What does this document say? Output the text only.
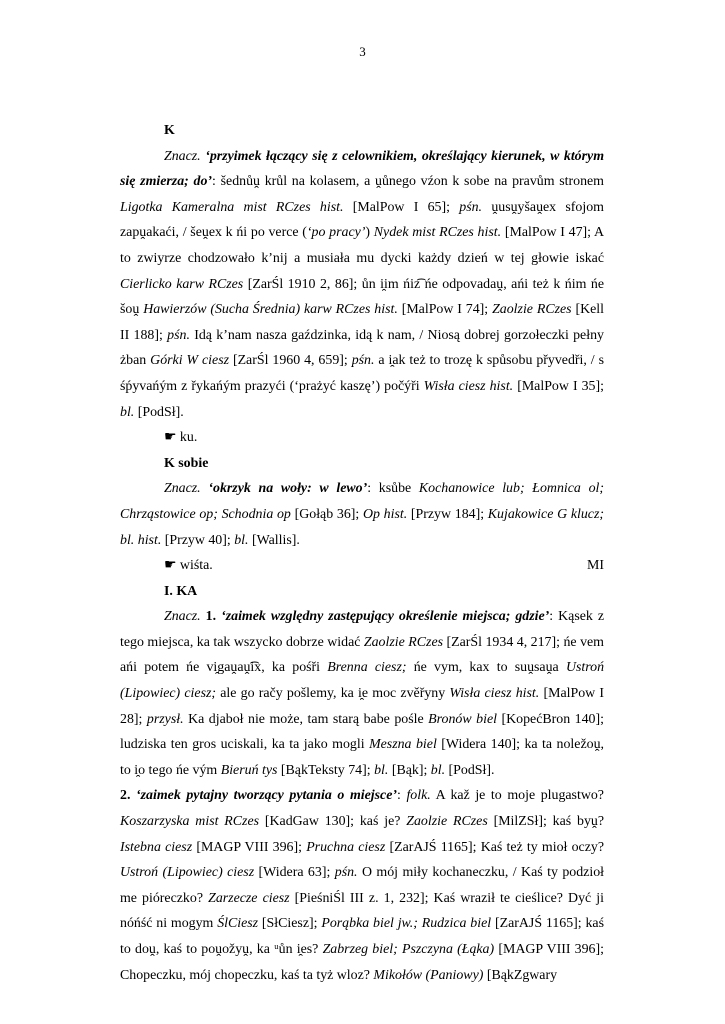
3

K

Znacz. ‘przyimek łączący się z celownikiem, określający kierunek, w którym się zmierza; do’: šednůṷ krůl na kolasem, a ṷůnego vźon k sobe na pravům stronem Ligotka Kameralna mist RCzes hist. [MalPow I 65]; pśn. ṷusṷyšaṷex sfojom zapṷakaći, / šeṷex k ńi po verce (‘po pracy’) Nydek mist RCzes hist. [MalPow I 47]; A to zwiyrze chodzowało k’nij a musiała mu dycki każdy dzień w tej głowie iskać Cierlicko karw RCzes [ZarŚl 1910 2, 86]; ůn i̯im ńiz͡ ńe odpovadaṷ, ańi też k ńim ńe šoṷ Hawierzów (Sucha Średnia) karw RCzes hist. [MalPow I 74]; Zaolzie RCzes [Kell II 188]; pśn. Idą k’nam nasza gaździnka, idą k nam, / Niosą dobrej gorzołeczki pełny żban Górki W ciesz [ZarŚl 1960 4, 659]; pśn. a i̯ak też to trozę k spůsobu přyvedři, / s śṕyvańým z řykańým prazyći (‘prażyć kaszę’) počýři Wisła ciesz hist. [MalPow I 35]; bl. [PodSł].

☛ ku.

K sobie

Znacz. ‘okrzyk na woły: w lewo’: ksůbe Kochanowice lub; Łomnica ol; Chrząstowice op; Schodnia op [Gołąb 36]; Op hist. [Przyw 184]; Kujakowice G klucz; bl. hist. [Przyw 40]; bl. [Wallis].

☛ wiśta.	MI

I. KA

Znacz. 1. ‘zaimek względny zastępujący określenie miejsca; gdzie’: Kąsek z tego miejsca, ka tak wszycko dobrze widać Zaolzie RCzes [ZarŚl 1934 4, 217]; ńe vem ańi potem ńe vi̯gaṷaṷ͡ix, ka pośři Brenna ciesz; ńe vym, kax to suṷsaṷa Ustroń (Lipowiec) ciesz; ale go rаčy pošlemy, ka i̯e moc zvěřyny Wisła ciesz hist. [MalPow I 28]; przysł. Ka djaboł nie może, tam starą babe pośle Bronów biel [KopećBron 140]; ludziska ten gros uciskali, ka ta jako mogli Meszna biel [Widera 140]; ka ta noležoṷ, to i̯o tego ńe vým Bieruń tys [BąkTeksty 74]; bl. [Bąk]; bl. [PodSł].

2. ‘zaimek pytajny tworzący pytania o miejsce’: folk. A kaž je to moje plugastwo? Koszarzyska mist RCzes [KadGaw 130]; kaś je? Zaolzie RCzes [MilZSł]; kaś byṷ? Istebna ciesz [MAGP VIII 396]; Pruchna ciesz [ZarAJŚ 1165]; Kaś też ty mioł oczy? Ustroń (Lipowiec) ciesz [Widera 63]; pśn. O mój miły kochaneczku, / Kaś ty podzioł me pióreczko? Zarzecze ciesz [PieśniŚl III z. 1, 232]; Kaś wraził te cieślice? Dyć ji nóńść ni mogym ŚlCiesz [SłCiesz]; Porąbka biel jw.; Rudzica biel [ZarAJŚ 1165]; kaś to doṷ, kaś to poṷožyṷ, ka ᵘůn i̯es? Zabrzeg biel; Pszczyna (Łąka) [MAGP VIII 396]; Chopeczku, mój chopeczku, kaś ta tyż wloz? Mikołów (Paniowy) [BąkZgwary
